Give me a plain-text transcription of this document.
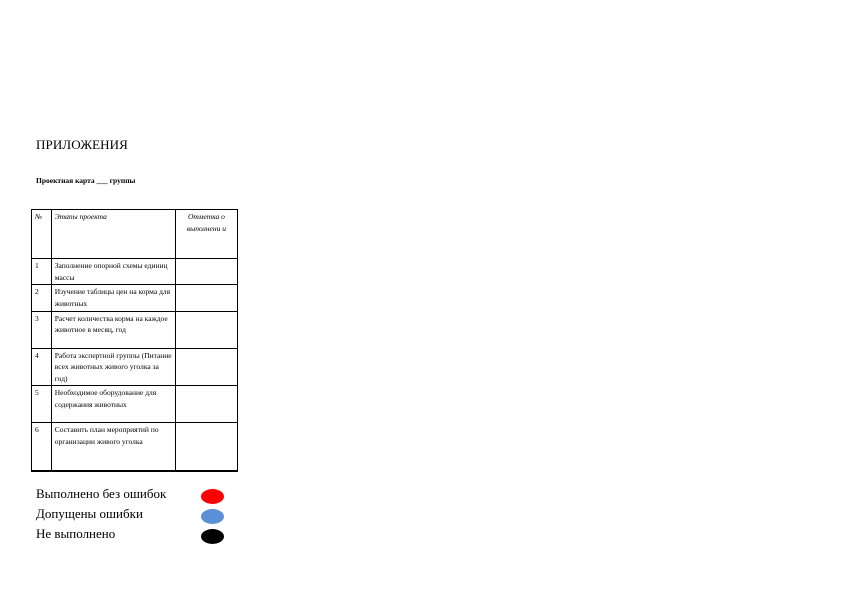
ПРИЛОЖЕНИЯ
Проектная карта ___ группы
№	Этапы проекта	Отметка о выполнени и
1	Заполнение опорной схемы единиц массы	
2	Изучение таблицы цен на корма для животных	
3	Расчет количества корма на каждое животное в месяц, год	
4	Работа экспертной группы (Питание всех животных живого уголка за год)	
5	Необходимое оборудование для содержания животных	
6	Составить план мероприятий по организации живого уголка	
Выполнено без ошибок
Допущены ошибки
Не выполнено
